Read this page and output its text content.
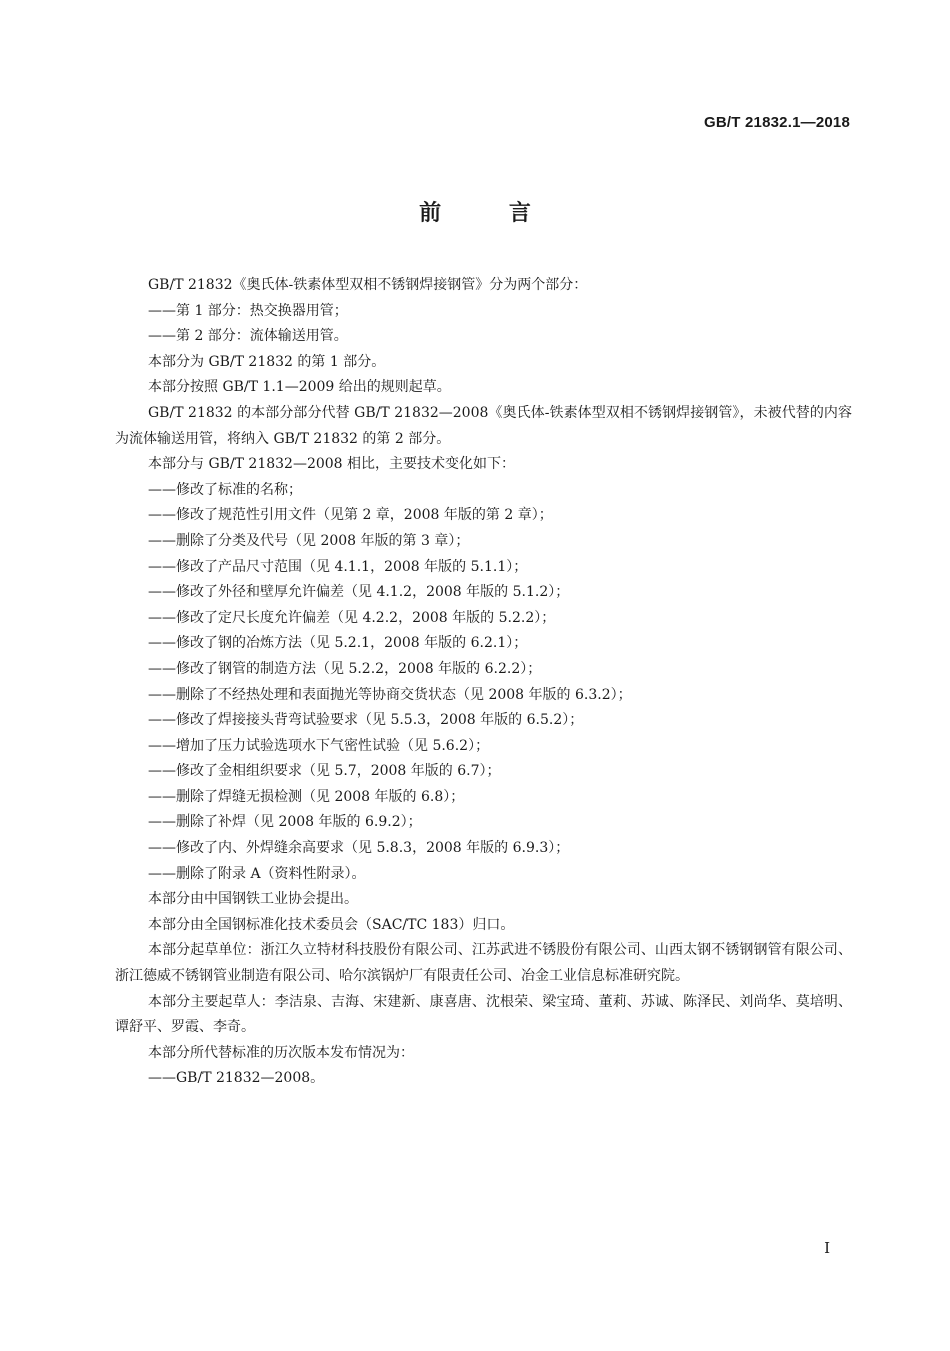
GB/T 21832.1—2018
前 言

GB/T 21832《奥氏体-铁素体型双相不锈钢焊接钢管》分为两个部分：

——第 1 部分：热交换器用管；

——第 2 部分：流体输送用管。

本部分为 GB/T 21832 的第 1 部分。

本部分按照 GB/T 1.1—2009 给出的规则起草。

GB/T 21832 的本部分部分代替 GB/T 21832—2008《奥氏体-铁素体型双相不锈钢焊接钢管》，未被代替的内容为流体输送用管，将纳入 GB/T 21832 的第 2 部分。

本部分与 GB/T 21832—2008 相比，主要技术变化如下：

——修改了标准的名称；

——修改了规范性引用文件（见第 2 章，2008 年版的第 2 章）；

——删除了分类及代号（见 2008 年版的第 3 章）；

——修改了产品尺寸范围（见 4.1.1，2008 年版的 5.1.1）；

——修改了外径和壁厚允许偏差（见 4.1.2，2008 年版的 5.1.2）；

——修改了定尺长度允许偏差（见 4.2.2，2008 年版的 5.2.2）；

——修改了钢的冶炼方法（见 5.2.1，2008 年版的 6.2.1）；

——修改了钢管的制造方法（见 5.2.2，2008 年版的 6.2.2）；

——删除了不经热处理和表面抛光等协商交货状态（见 2008 年版的 6.3.2）；

——修改了焊接接头背弯试验要求（见 5.5.3，2008 年版的 6.5.2）；

——增加了压力试验选项水下气密性试验（见 5.6.2）；

——修改了金相组织要求（见 5.7，2008 年版的 6.7）；

——删除了焊缝无损检测（见 2008 年版的 6.8）；

——删除了补焊（见 2008 年版的 6.9.2）；

——修改了内、外焊缝余高要求（见 5.8.3，2008 年版的 6.9.3）；

——删除了附录 A（资料性附录）。

本部分由中国钢铁工业协会提出。

本部分由全国钢标准化技术委员会（SAC/TC 183）归口。

本部分起草单位：浙江久立特材科技股份有限公司、江苏武进不锈股份有限公司、山西太钢不锈钢钢管有限公司、浙江德威不锈钢管业制造有限公司、哈尔滨锅炉厂有限责任公司、冶金工业信息标准研究院。

本部分主要起草人：李洁泉、吉海、宋建新、康喜唐、沈根荣、梁宝琦、董莉、苏诚、陈泽民、刘尚华、莫培明、谭舒平、罗霞、李奇。

本部分所代替标准的历次版本发布情况为：

——GB/T 21832—2008。

I
